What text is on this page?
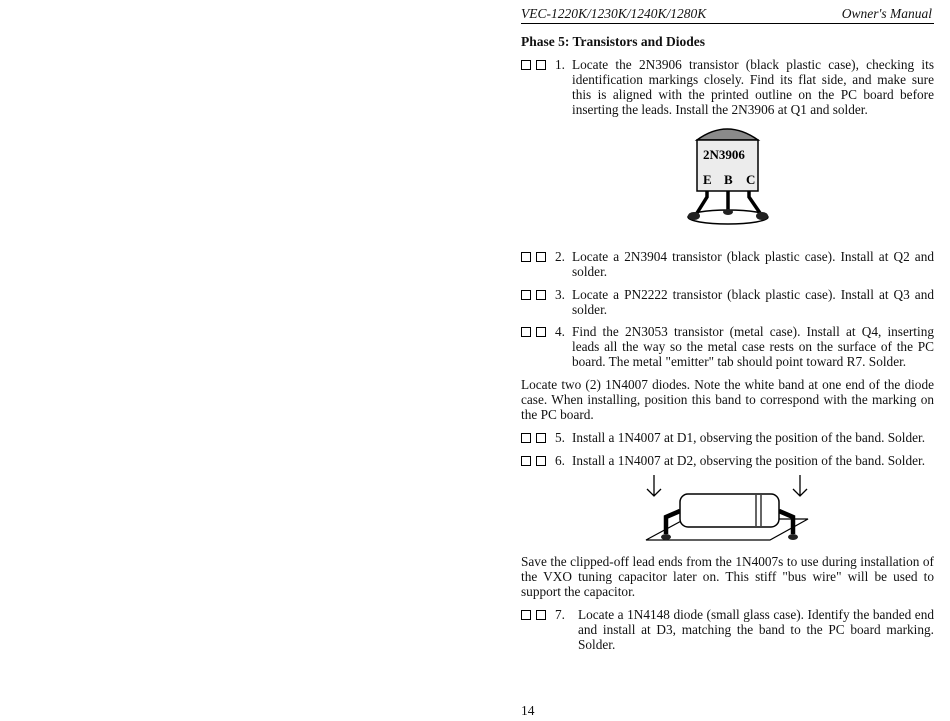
VEC-1220K/1230K/1240K/1280K	Owner's Manual
Phase 5: Transistors and Diodes
1. Locate the 2N3906 transistor (black plastic case), checking its identification markings closely. Find its flat side, and make sure this is aligned with the printed outline on the PC board before inserting the leads. Install the 2N3906 at Q1 and solder.
2N3906
E B C
2. Locate a 2N3904 transistor (black plastic case). Install at Q2 and solder.
3. Locate a PN2222 transistor (black plastic case). Install at Q3 and solder.
4. Find the 2N3053 transistor (metal case). Install at Q4, inserting leads all the way so the metal case rests on the surface of the PC board. The metal "emitter" tab should point toward R7. Solder.
Locate two (2) 1N4007 diodes. Note the white band at one end of the diode case. When installing, position this band to correspond with the marking on the PC board.
5. Install a 1N4007 at D1, observing the position of the band. Solder.
6. Install a 1N4007 at D2, observing the position of the band. Solder.
Save the clipped-off lead ends from the 1N4007s to use during installation of the VXO tuning capacitor later on. This stiff "bus wire" will be used to support the capacitor.
7. Locate a 1N4148 diode (small glass case). Identify the banded end and install at D3, matching the band to the PC board marking. Solder.
14
